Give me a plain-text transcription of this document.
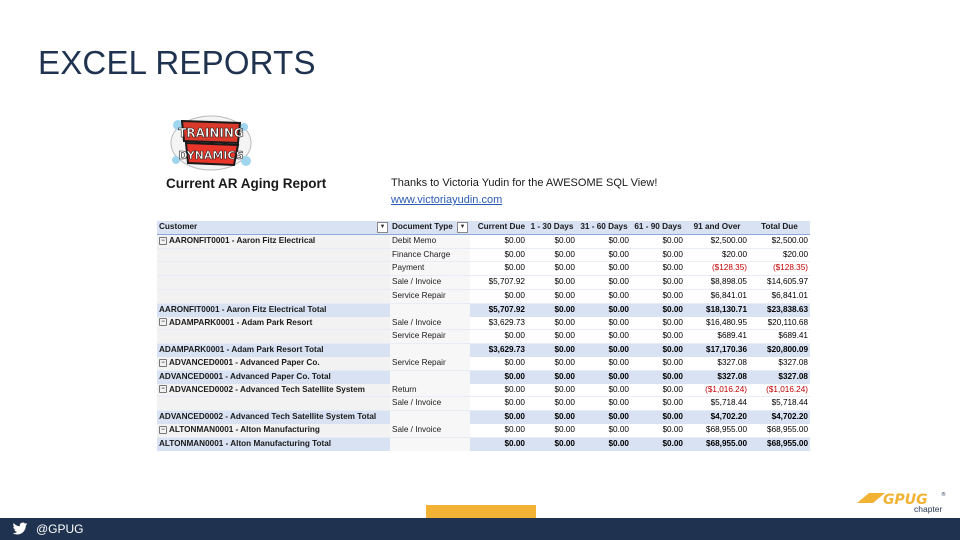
EXCEL REPORTS
TRAINING
DYNAMICS
Current AR Aging Report	Thanks to Victoria Yudin for the AWESOME SQL View!
www.victoriayudin.com
Customer ▼	Document Type ▼	Current Due	1 - 30 Days	31 - 60 Days	61 - 90 Days	91 and Over	Total Due
− AARONFIT0001 - Aaron Fitz Electrical	Debit Memo	$0.00	$0.00	$0.00	$0.00	$2,500.00	$2,500.00
	Finance Charge	$0.00	$0.00	$0.00	$0.00	$20.00	$20.00
	Payment	$0.00	$0.00	$0.00	$0.00	($128.35)	($128.35)
	Sale / Invoice	$5,707.92	$0.00	$0.00	$0.00	$8,898.05	$14,605.97
	Service Repair	$0.00	$0.00	$0.00	$0.00	$6,841.01	$6,841.01
AARONFIT0001 - Aaron Fitz Electrical Total		$5,707.92	$0.00	$0.00	$0.00	$18,130.71	$23,838.63
− ADAMPARK0001 - Adam Park Resort	Sale / Invoice	$3,629.73	$0.00	$0.00	$0.00	$16,480.95	$20,110.68
	Service Repair	$0.00	$0.00	$0.00	$0.00	$689.41	$689.41
ADAMPARK0001 - Adam Park Resort Total		$3,629.73	$0.00	$0.00	$0.00	$17,170.36	$20,800.09
− ADVANCED0001 - Advanced Paper Co.	Service Repair	$0.00	$0.00	$0.00	$0.00	$327.08	$327.08
ADVANCED0001 - Advanced Paper Co. Total		$0.00	$0.00	$0.00	$0.00	$327.08	$327.08
− ADVANCED0002 - Advanced Tech Satellite System	Return	$0.00	$0.00	$0.00	$0.00	($1,016.24)	($1,016.24)
	Sale / Invoice	$0.00	$0.00	$0.00	$0.00	$5,718.44	$5,718.44
ADVANCED0002 - Advanced Tech Satellite System Total		$0.00	$0.00	$0.00	$0.00	$4,702.20	$4,702.20
− ALTONMAN0001 - Alton Manufacturing	Sale / Invoice	$0.00	$0.00	$0.00	$0.00	$68,955.00	$68,955.00
ALTONMAN0001 - Alton Manufacturing Total		$0.00	$0.00	$0.00	$0.00	$68,955.00	$68,955.00
@GPUG
GPUG	®
chapter
